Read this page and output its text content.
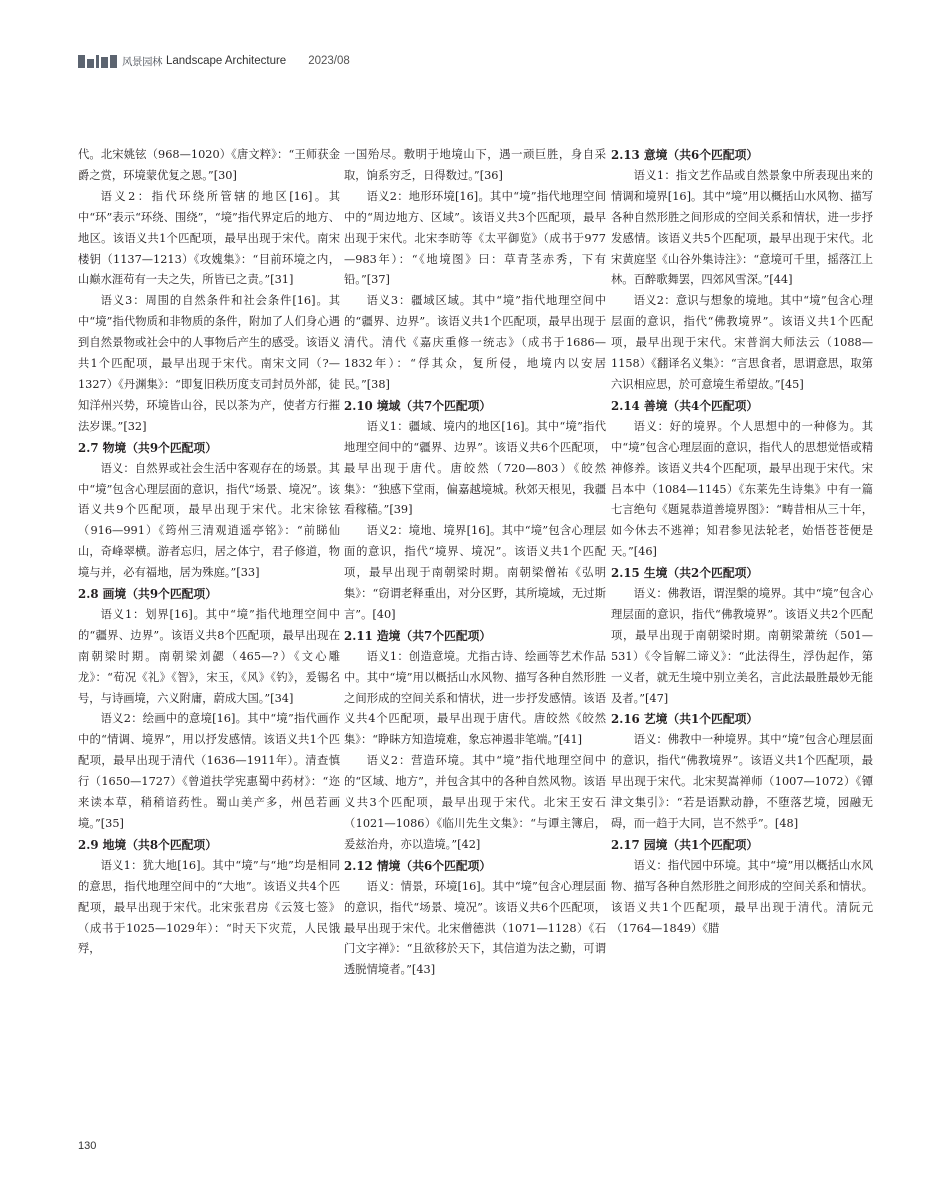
风景园林 Landscape Architecture 2023/08

代。北宋姚铉（968—1020）《唐文粹》：“王师获金爵之赏，环境蒙优复之恩。”[30]

语义2：指代环绕所管辖的地区[16]。其中“环”表示“环绕、围绕”，“境”指代界定后的地方、地区。该语义共1个匹配项，最早出现于宋代。南宋楼钥（1137—1213）《攻媿集》：“目前环境之内，山巅水涯苟有一夫之失，所皆已之责。”[31]

语义3：周围的自然条件和社会条件[16]。其中“境”指代物质和非物质的条件，附加了人们身心遇到自然景物或社会中的人事物后产生的感受。该语义共1个匹配项，最早出现于宋代。南宋文同（?—1327）《丹渊集》：“即复旧秩历度支司封员外部，徒知洋州兴势，环境皆山谷，民以茶为产，使者方行摧法岁课。”[32]

2.7 物境（共9个匹配项）

语义：自然界或社会生活中客观存在的场景。其中“境”包含心理层面的意识，指代“场景、境况”。该语义共9个匹配项，最早出现于宋代。北宋徐铉（916—991）《筠州三清观逍遥亭铭》：“前睇仙山，奇峰翠横。游者忘归，居之体宁，君子修道，物境与并，必有福地，居为殊庭。”[33]

2.8 画境（共9个匹配项）

语义1：划界[16]。其中“境”指代地理空间中的“疆界、边界”。该语义共8个匹配项，最早出现在南朝梁时期。南朝梁刘勰（465—?）《文心雕龙》：“荀况《礼》《智》，宋玉，《风》《钓》，爰锡名号，与诗画境，六义附庸，蔚成大国。”[34]

语义2：绘画中的意境[16]。其中“境”指代画作中的“情调、境界”，用以抒发感情。该语义共1个匹配项，最早出现于清代（1636—1911年）。清查慎行（1650—1727）《曾道扶学宪惠蜀中药材》：“迩来读本草，稍稍谙药性。蜀山美产多，州邑若画境。”[35]

2.9 地境（共8个匹配项）

语义1：犹大地[16]。其中“境”与“地”均是相同的意思，指代地理空间中的“大地”。该语义共4个匹配项，最早出现于宋代。北宋张君房《云笈七签》（成书于1025—1029年）：“时天下灾荒，人民饿殍，

一国殆尽。敷明于地境山下，遇一顽巨胜，身自采取，饷系穷乏，日得数过。”[36]

语义2：地形环境[16]。其中“境”指代地理空间中的“周边地方、区域”。该语义共3个匹配项，最早出现于宋代。北宋李昉等《太平御览》（成书于977—983年）：“《地境图》曰：草青茎赤秀，下有铅。”[37]

语义3：疆域区域。其中“境”指代地理空间中的“疆界、边界”。该语义共1个匹配项，最早出现于清代。清代《嘉庆重修一统志》（成书于1686—1832年）：“俘其众，复所侵，地境内以安居民。”[38]

2.10 境域（共7个匹配项）

语义1：疆域、境内的地区[16]。其中“境”指代地理空间中的“疆界、边界”。该语义共6个匹配项，最早出现于唐代。唐皎然（720—803）《皎然集》：“独感下堂雨，偏嘉越境城。秋郊天根见，我疆看稼穑。”[39]

语义2：境地、境界[16]。其中“境”包含心理层面的意识，指代“境界、境况”。该语义共1个匹配项，最早出现于南朝梁时期。南朝梁僧祐《弘明集》：“窃谓老释重出，对分区野，其所境域，无过斯言”。[40]

2.11 造境（共7个匹配项）

语义1：创造意境。尤指古诗、绘画等艺术作品中。其中“境”用以概括山水风物、描写各种自然形胜之间形成的空间关系和情状，进一步抒发感情。该语义共4个匹配项，最早出现于唐代。唐皎然《皎然集》：“睁眛方知造境难，象忘神遏非笔端。”[41]

语义2：营造环境。其中“境”指代地理空间中的“区域、地方”，并包含其中的各种自然风物。该语义共3个匹配项，最早出现于宋代。北宋王安石（1021—1086）《临川先生文集》：“与谭主簿启，爰兹治舟，亦以造境。”[42]

2.12 情境（共6个匹配项）

语义：情景，环境[16]。其中“境”包含心理层面的意识，指代“场景、境况”。该语义共6个匹配项，最早出现于宋代。北宋僧德洪（1071—1128）《石门文字禅》：“且欲移於天下，其信道为法之勤，可谓透脱情境者。”[43]

2.13 意境（共6个匹配项）

语义1：指文艺作品或自然景象中所表现出来的情调和境界[16]。其中“境”用以概括山水风物、描写各种自然形胜之间形成的空间关系和情状，进一步抒发感情。该语义共5个匹配项，最早出现于宋代。北宋黄庭坚《山谷外集诗注》：“意境可千里，摇落江上林。百醉歌舞罢，四郊风雪深。”[44]

语义2：意识与想象的境地。其中“境”包含心理层面的意识，指代“佛教境界”。该语义共1个匹配项，最早出现于宋代。宋普润大师法云（1088—1158）《翻译名义集》：“言思食者，思谓意思，取第六识相应思，於可意境生希望故。”[45]

2.14 善境（共4个匹配项）

语义：好的境界。个人思想中的一种修为。其中“境”包含心理层面的意识，指代人的思想觉悟或精神修养。该语义共4个匹配项，最早出现于宋代。宋吕本中（1084—1145）《东莱先生诗集》中有一篇七言绝句《题晁恭道善境界图》：“畴昔相从三十年，如今休去不逃禅；知君参见法轮老，始悟苍苍便是天。”[46]

2.15 生境（共2个匹配项）

语义：佛教语，谓涅槃的境界。其中“境”包含心理层面的意识，指代“佛教境界”。该语义共2个匹配项，最早出现于南朝梁时期。南朝梁萧统（501—531）《令旨解二谛义》：“此法得生，浮伪起作，第一义者，就无生境中别立美名，言此法最胜最妙无能及者。”[47]

2.16 艺境（共1个匹配项）

语义：佛教中一种境界。其中“境”包含心理层面的意识，指代“佛教境界”。该语义共1个匹配项，最早出现于宋代。北宋契嵩禅师（1007—1072）《镡津文集引》：“若是语默动静，不堕落艺境，园融无碍，而一趋于大同，岂不然乎”。[48]

2.17 园境（共1个匹配项）

语义：指代园中环境。其中“境”用以概括山水风物、描写各种自然形胜之间形成的空间关系和情状。该语义共1个匹配项，最早出现于清代。清阮元（1764—1849）《腊

130
